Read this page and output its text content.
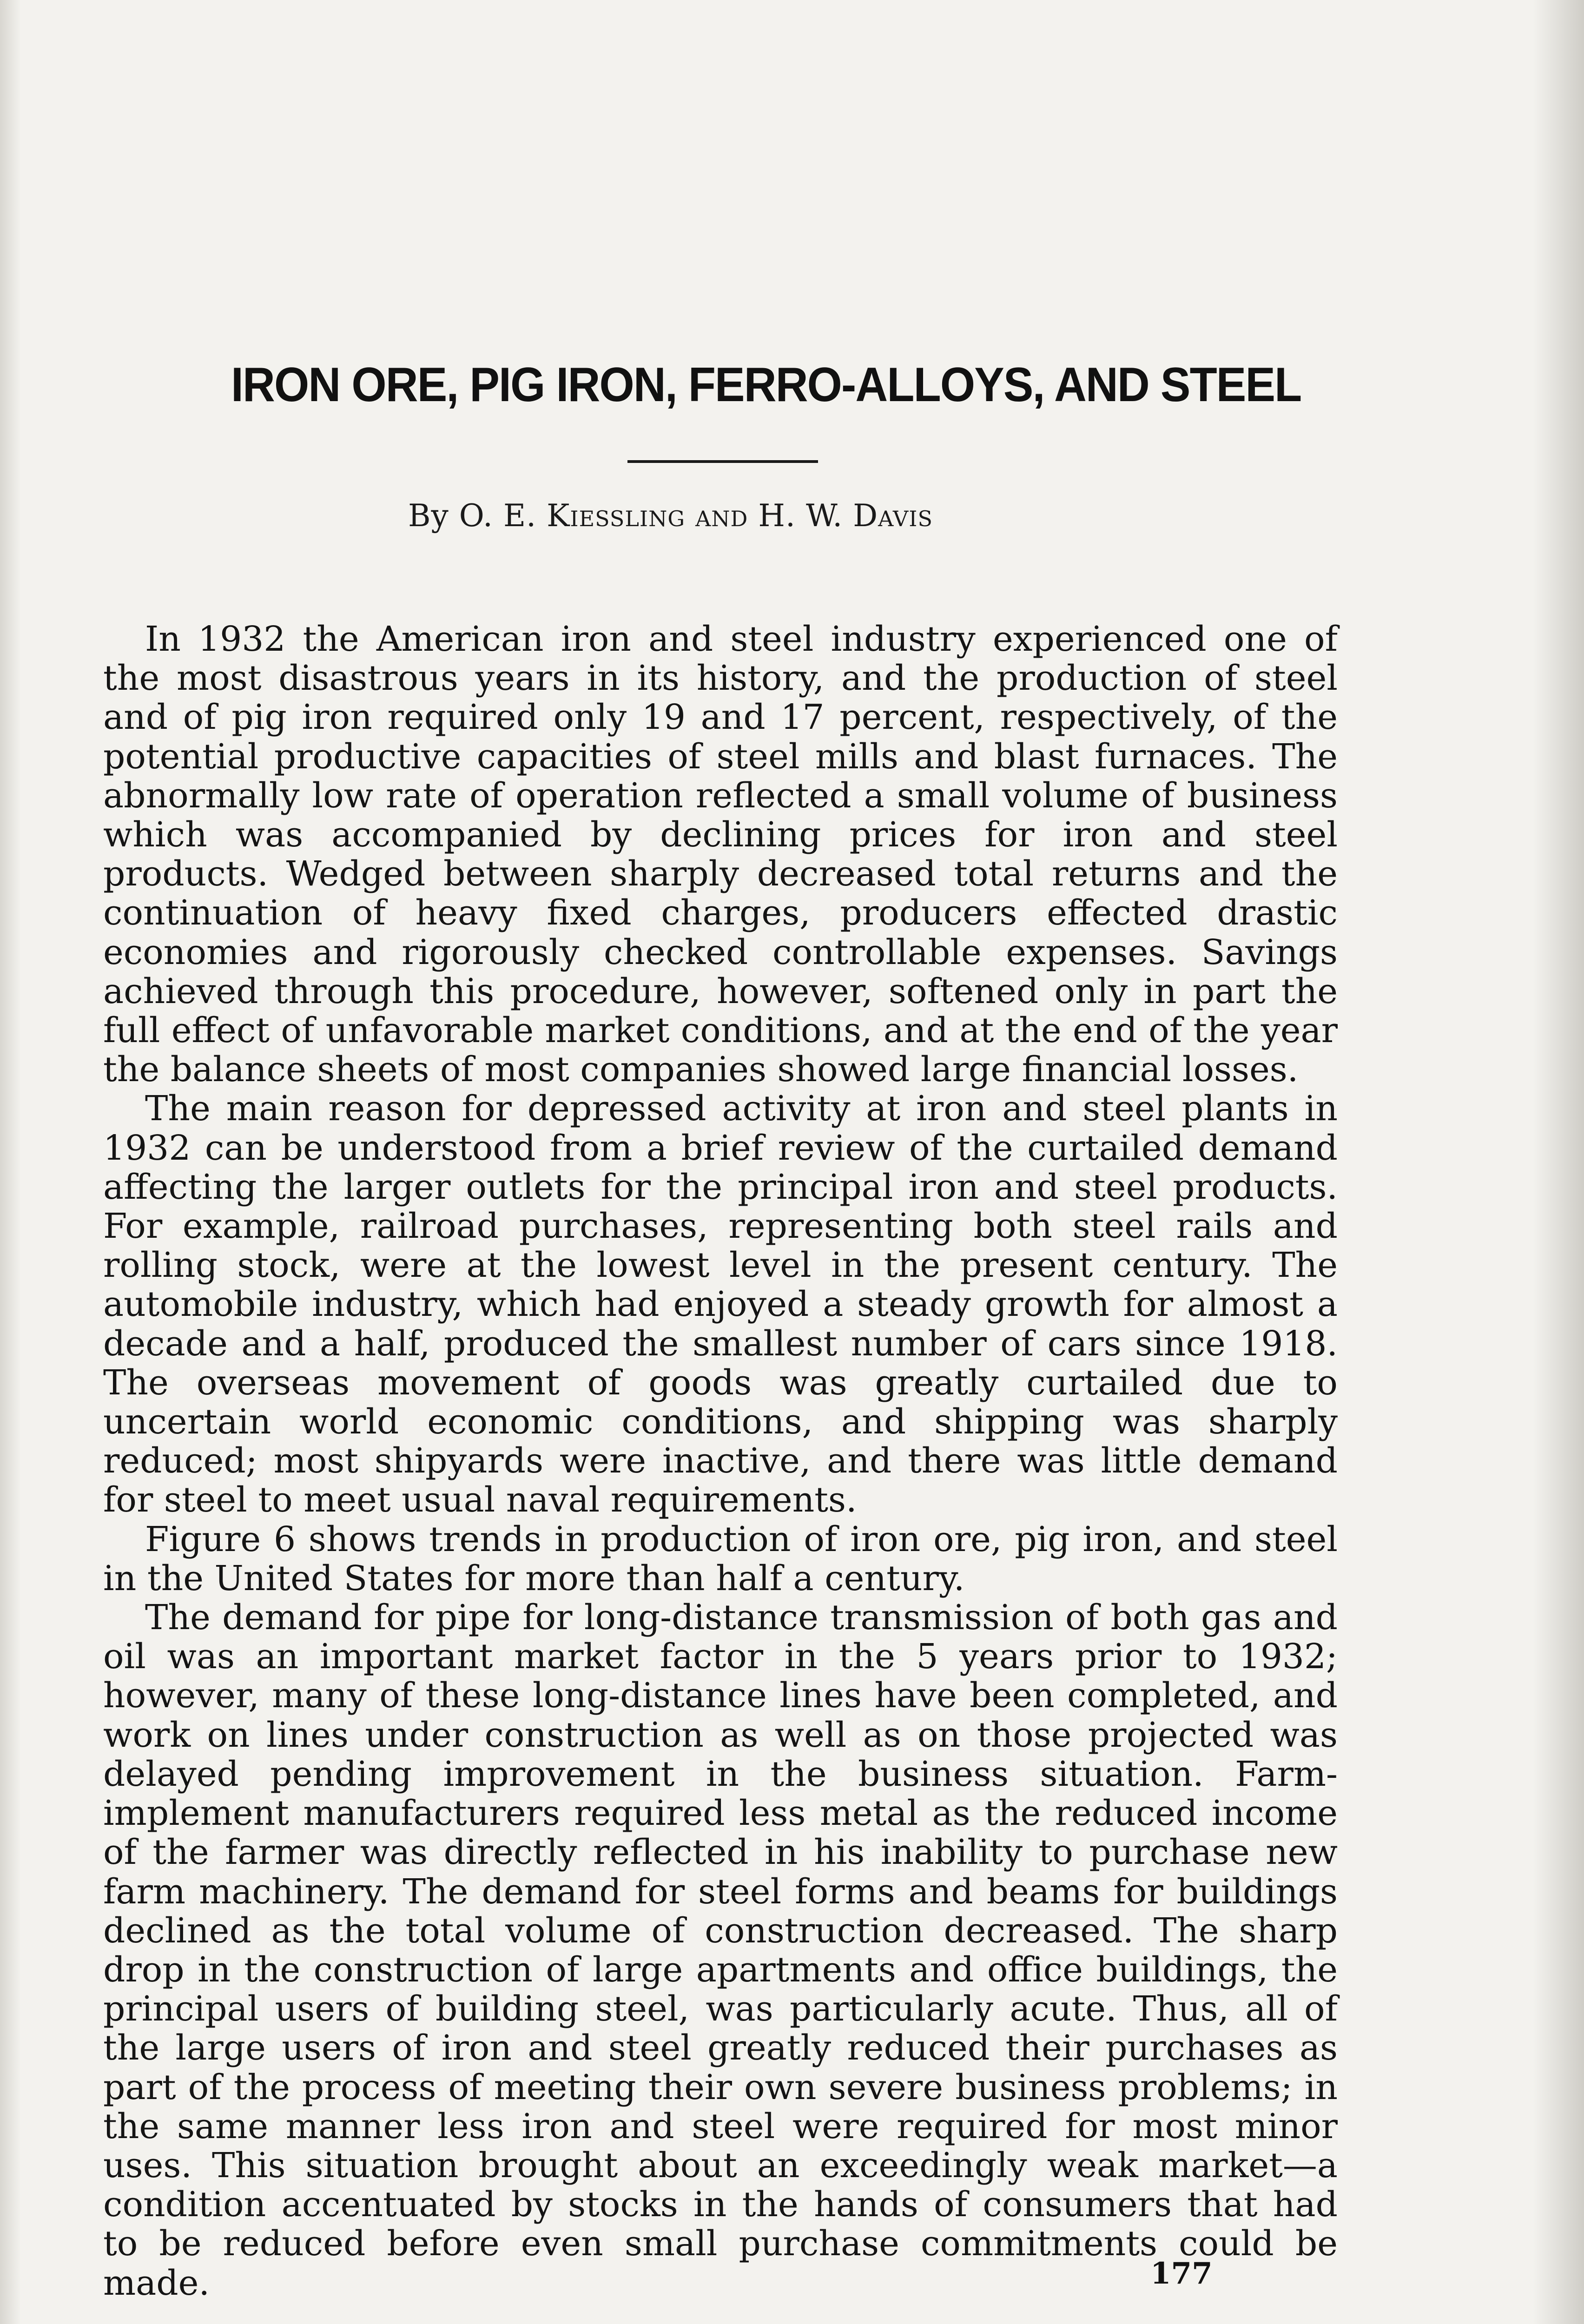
IRON ORE, PIG IRON, FERRO-ALLOYS, AND STEEL
By O. E. Kiessling and H. W. Davis

In 1932 the American iron and steel industry experienced one of the most disastrous years in its history, and the production of steel and of pig iron required only 19 and 17 percent, respectively, of the potential productive capacities of steel mills and blast furnaces. The abnormally low rate of operation reflected a small volume of business which was accompanied by declining prices for iron and steel products. Wedged between sharply decreased total returns and the continuation of heavy fixed charges, producers effected drastic economies and rigorously checked controllable expenses. Savings achieved through this procedure, however, softened only in part the full effect of unfavorable market conditions, and at the end of the year the balance sheets of most companies showed large financial losses.

The main reason for depressed activity at iron and steel plants in 1932 can be understood from a brief review of the curtailed demand affecting the larger outlets for the principal iron and steel products. For example, railroad purchases, representing both steel rails and rolling stock, were at the lowest level in the present century. The automobile industry, which had enjoyed a steady growth for almost a decade and a half, produced the smallest number of cars since 1918. The overseas movement of goods was greatly curtailed due to uncertain world economic conditions, and shipping was sharply reduced; most shipyards were inactive, and there was little demand for steel to meet usual naval requirements.

Figure 6 shows trends in production of iron ore, pig iron, and steel in the United States for more than half a century.

The demand for pipe for long-distance transmission of both gas and oil was an important market factor in the 5 years prior to 1932; however, many of these long-distance lines have been completed, and work on lines under construction as well as on those projected was delayed pending improvement in the business situation. Farm-implement manufacturers required less metal as the reduced income of the farmer was directly reflected in his inability to purchase new farm machinery. The demand for steel forms and beams for buildings declined as the total volume of construction decreased. The sharp drop in the construction of large apartments and office buildings, the principal users of building steel, was particularly acute. Thus, all of the large users of iron and steel greatly reduced their purchases as part of the process of meeting their own severe business problems; in the same manner less iron and steel were required for most minor uses. This situation brought about an exceedingly weak market—a condition accentuated by stocks in the hands of consumers that had to be reduced before even small purchase commitments could be made.	177
